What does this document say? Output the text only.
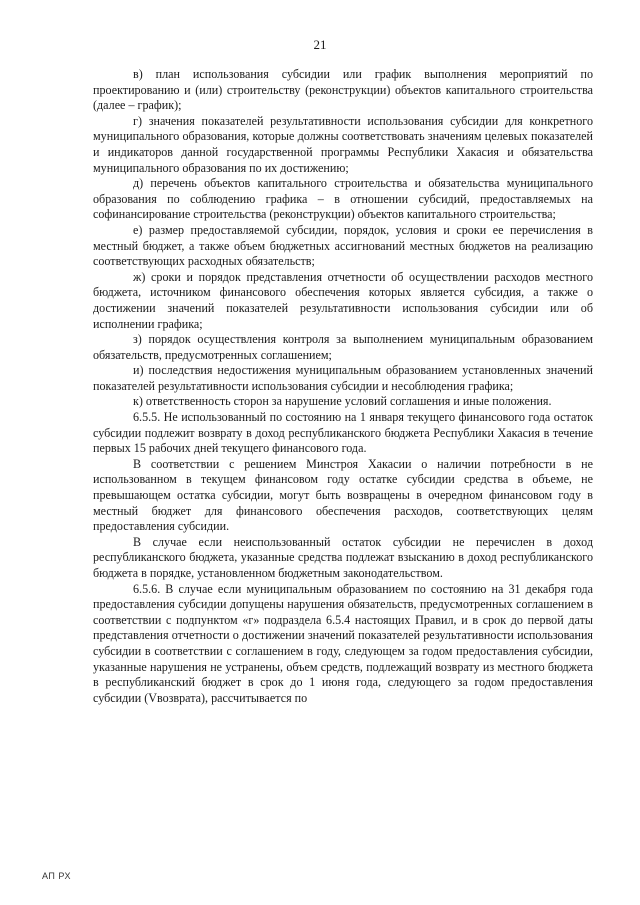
21

в) план использования субсидии или график выполнения мероприятий по проектированию и (или) строительству (реконструкции) объектов капитального строительства (далее – график);

г) значения показателей результативности использования субсидии для конкретного муниципального образования, которые должны соответствовать значениям целевых показателей и индикаторов данной государственной программы Республики Хакасия и обязательства муниципального образования по их достижению;

д) перечень объектов капитального строительства и обязательства муниципального образования по соблюдению графика – в отношении субсидий, предоставляемых на софинансирование строительства (реконструкции) объектов капитального строительства;

е) размер предоставляемой субсидии, порядок, условия и сроки ее перечисления в местный бюджет, а также объем бюджетных ассигнований местных бюджетов на реализацию соответствующих расходных обязательств;

ж) сроки и порядок представления отчетности об осуществлении расходов местного бюджета, источником финансового обеспечения которых является субсидия, а также о достижении значений показателей результативности использования субсидии или об исполнении графика;

з) порядок осуществления контроля за выполнением муниципальным образованием обязательств, предусмотренных соглашением;

и) последствия недостижения муниципальным образованием установленных значений показателей результативности использования субсидии и несоблюдения графика;

к) ответственность сторон за нарушение условий соглашения и иные положения.

6.5.5. Не использованный по состоянию на 1 января текущего финансового года остаток субсидии подлежит возврату в доход республиканского бюджета Республики Хакасия в течение первых 15 рабочих дней текущего финансового года.

В соответствии с решением Минстроя Хакасии о наличии потребности в не использованном в текущем финансовом году остатке субсидии средства в объеме, не превышающем остатка субсидии, могут быть возвращены в очередном финансовом году в местный бюджет для финансового обеспечения расходов, соответствующих целям предоставления субсидии.

В случае если неиспользованный остаток субсидии не перечислен в доход республиканского бюджета, указанные средства подлежат взысканию в доход республиканского бюджета в порядке, установленном бюджетным законодательством.

6.5.6. В случае если муниципальным образованием по состоянию на 31 декабря года предоставления субсидии допущены нарушения обязательств, предусмотренных соглашением в соответствии с подпунктом «г» подраздела 6.5.4 настоящих Правил, и в срок до первой даты представления отчетности о достижении значений показателей результативности использования субсидии в соответствии с соглашением в году, следующем за годом предоставления субсидии, указанные нарушения не устранены, объем средств, подлежащий возврату из местного бюджета в республиканский бюджет в срок до 1 июня года, следующего за годом предоставления субсидии (Vвозврата), рассчитывается по

АП РХ
